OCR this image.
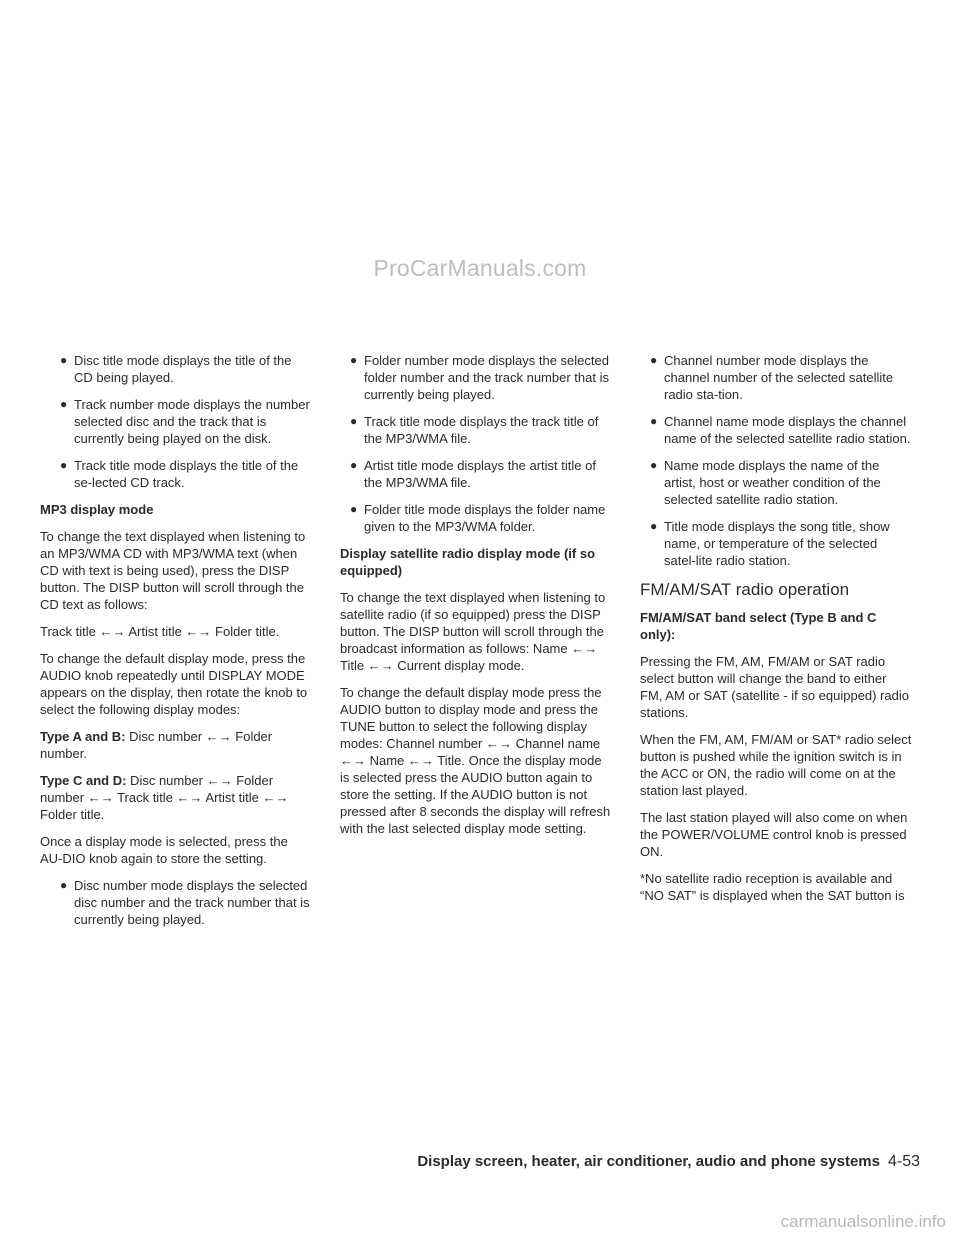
ProCarManuals.com
● Disc title mode displays the title of the CD being played.
● Track number mode displays the number selected disc and the track that is currently being played on the disk.
● Track title mode displays the title of the se-lected CD track.
MP3 display mode

To change the text displayed when listening to an MP3/WMA CD with MP3/WMA text (when CD with text is being used), press the DISP button. The DISP button will scroll through the CD text as follows:

Track title ←→ Artist title ←→ Folder title.

To change the default display mode, press the AUDIO knob repeatedly until DISPLAY MODE appears on the display, then rotate the knob to select the following display modes:

Type A and B: Disc number ←→ Folder number.

Type C and D: Disc number ←→ Folder number ←→ Track title ←→ Artist title ←→ Folder title.

Once a display mode is selected, press the AU-DIO knob again to store the setting.

● Disc number mode displays the selected disc number and the track number that is currently being played.
● Folder number mode displays the selected folder number and the track number that is currently being played.
● Track title mode displays the track title of the MP3/WMA file.
● Artist title mode displays the artist title of the MP3/WMA file.
● Folder title mode displays the folder name given to the MP3/WMA folder.
Display satellite radio display mode (if so equipped)

To change the text displayed when listening to satellite radio (if so equipped) press the DISP button. The DISP button will scroll through the broadcast information as follows: Name ←→ Title ←→ Current display mode.

To change the default display mode press the AUDIO button to display mode and press the TUNE button to select the following display modes: Channel number ←→ Channel name ←→ Name ←→ Title. Once the display mode is selected press the AUDIO button again to store the setting. If the AUDIO button is not pressed after 8 seconds the display will refresh with the last selected display mode setting.

● Channel number mode displays the channel number of the selected satellite radio sta-tion.
● Channel name mode displays the channel name of the selected satellite radio station.
● Name mode displays the name of the artist, host or weather condition of the selected satellite radio station.
● Title mode displays the song title, show name, or temperature of the selected satel-lite radio station.
FM/AM/SAT radio operation
FM/AM/SAT band select (Type B and C only):

Pressing the FM, AM, FM/AM or SAT radio select button will change the band to either FM, AM or SAT (satellite - if so equipped) radio stations.

When the FM, AM, FM/AM or SAT* radio select button is pushed while the ignition switch is in the ACC or ON, the radio will come on at the station last played.

The last station played will also come on when the POWER/VOLUME control knob is pressed ON.

*No satellite radio reception is available and “NO SAT” is displayed when the SAT button is

Display screen, heater, air conditioner, audio and phone systems 4-53
carmanualsonline.info
